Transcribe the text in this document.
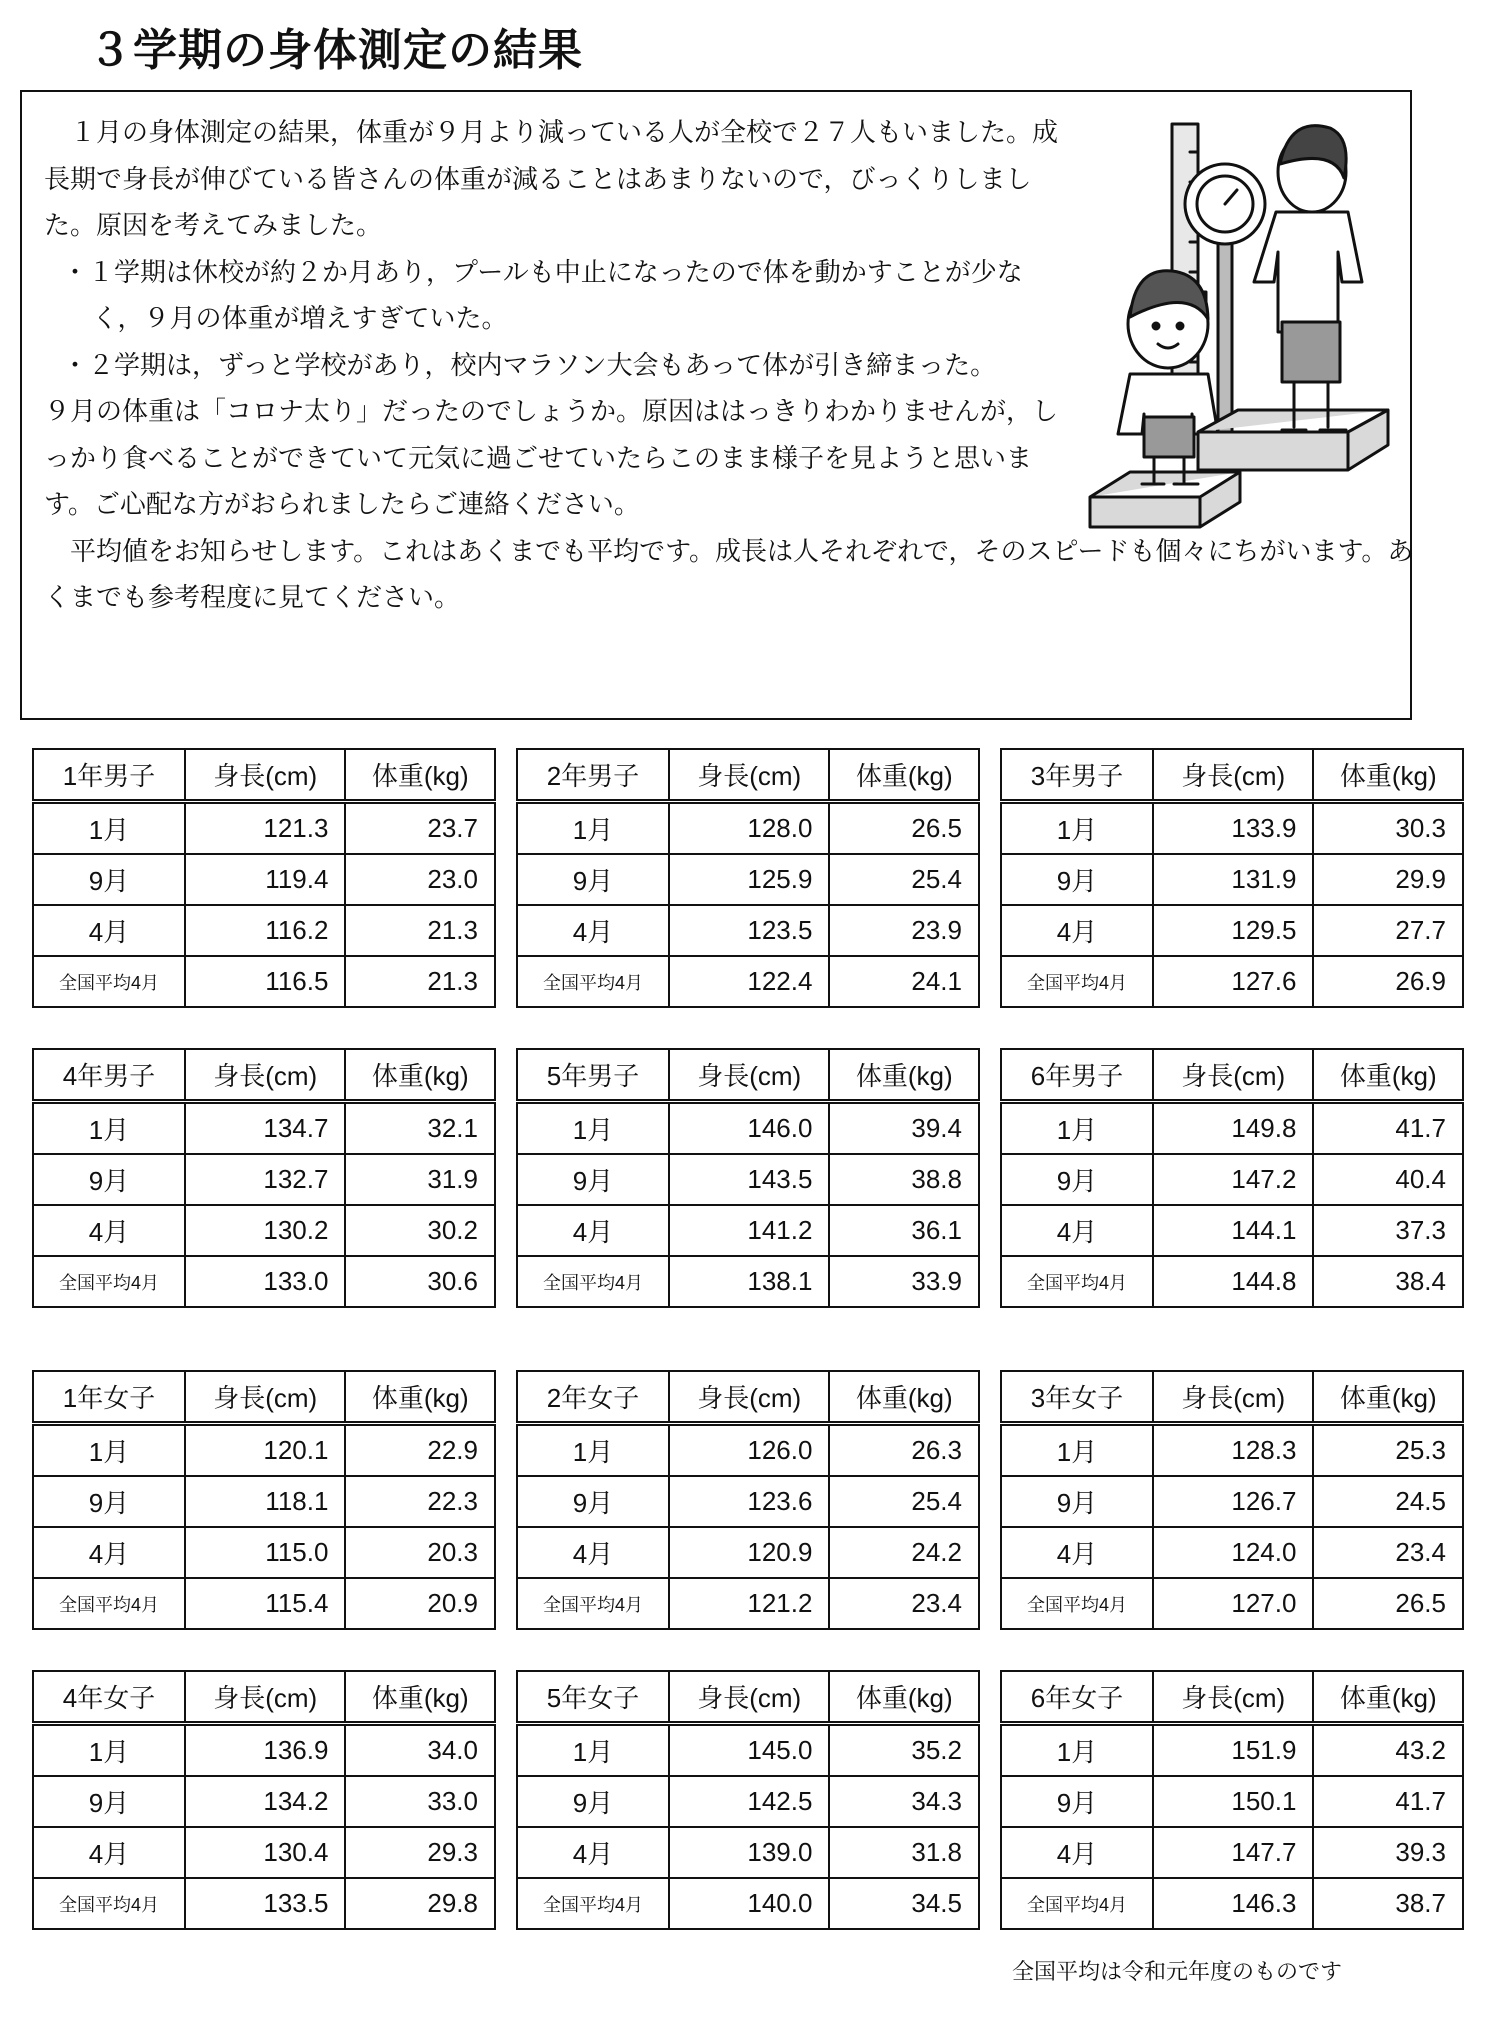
３学期の身体測定の結果

１月の身体測定の結果，体重が９月より減っている人が全校で２７人もいました。成長期で身長が伸びている皆さんの体重が減ることはあまりないので，びっくりしました。原因を考えてみました。

・１学期は休校が約２か月あり，プールも中止になったので体を動かすことが少なく，９月の体重が増えすぎていた。

・２学期は，ずっと学校があり，校内マラソン大会もあって体が引き締まった。

９月の体重は「コロナ太り」だったのでしょうか。原因ははっきりわかりませんが，しっかり食べることができていて元気に過ごせていたらこのまま様子を見ようと思います。ご心配な方がおられましたらご連絡ください。

平均値をお知らせします。これはあくまでも平均です。成長は人それぞれで，そのスピードも個々にちがいます。あくまでも参考程度に見てください。

1年男子	身長(cm)	体重(kg)
1月	121.3	23.7
9月	119.4	23.0
4月	116.2	21.3
全国平均4月	116.5	21.3
2年男子	身長(cm)	体重(kg)
1月	128.0	26.5
9月	125.9	25.4
4月	123.5	23.9
全国平均4月	122.4	24.1
3年男子	身長(cm)	体重(kg)
1月	133.9	30.3
9月	131.9	29.9
4月	129.5	27.7
全国平均4月	127.6	26.9
4年男子	身長(cm)	体重(kg)
1月	134.7	32.1
9月	132.7	31.9
4月	130.2	30.2
全国平均4月	133.0	30.6
5年男子	身長(cm)	体重(kg)
1月	146.0	39.4
9月	143.5	38.8
4月	141.2	36.1
全国平均4月	138.1	33.9
6年男子	身長(cm)	体重(kg)
1月	149.8	41.7
9月	147.2	40.4
4月	144.1	37.3
全国平均4月	144.8	38.4
1年女子	身長(cm)	体重(kg)
1月	120.1	22.9
9月	118.1	22.3
4月	115.0	20.3
全国平均4月	115.4	20.9
2年女子	身長(cm)	体重(kg)
1月	126.0	26.3
9月	123.6	25.4
4月	120.9	24.2
全国平均4月	121.2	23.4
3年女子	身長(cm)	体重(kg)
1月	128.3	25.3
9月	126.7	24.5
4月	124.0	23.4
全国平均4月	127.0	26.5
4年女子	身長(cm)	体重(kg)
1月	136.9	34.0
9月	134.2	33.0
4月	130.4	29.3
全国平均4月	133.5	29.8
5年女子	身長(cm)	体重(kg)
1月	145.0	35.2
9月	142.5	34.3
4月	139.0	31.8
全国平均4月	140.0	34.5
6年女子	身長(cm)	体重(kg)
1月	151.9	43.2
9月	150.1	41.7
4月	147.7	39.3
全国平均4月	146.3	38.7

全国平均は令和元年度のものです
